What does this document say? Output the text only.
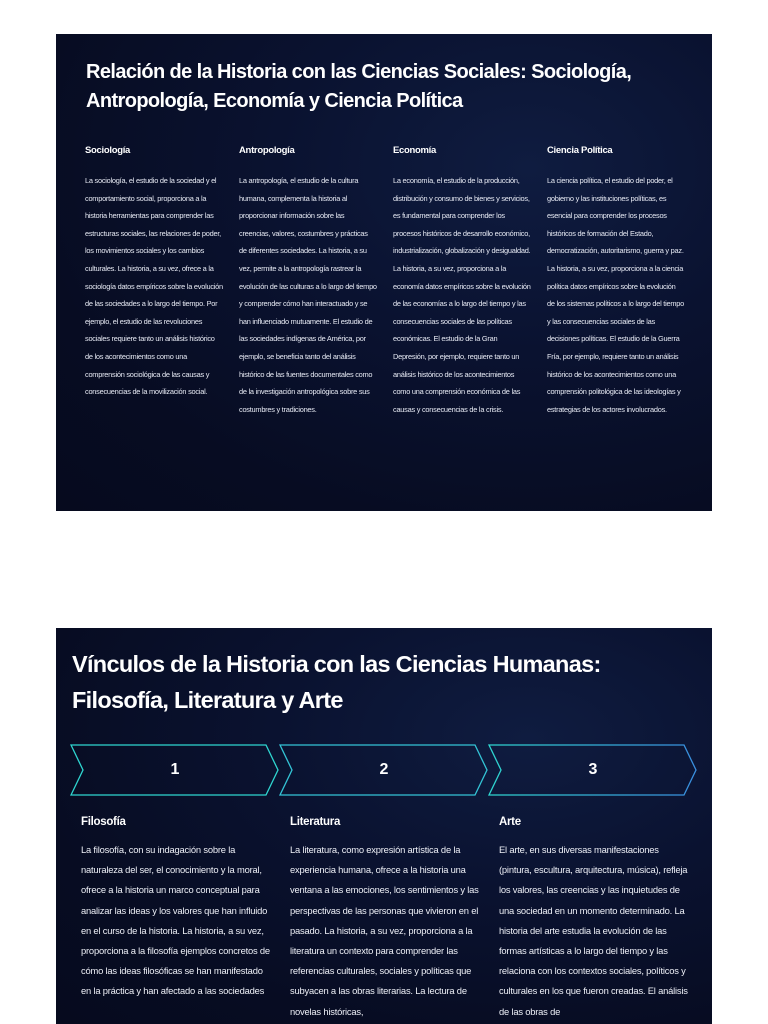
Relación de la Historia con las Ciencias Sociales: Sociología, Antropología, Economía y Ciencia Política
Sociología

La sociología, el estudio de la sociedad y el comportamiento social, proporciona a la historia herramientas para comprender las estructuras sociales, las relaciones de poder, los movimientos sociales y los cambios culturales. La historia, a su vez, ofrece a la sociología datos empíricos sobre la evolución de las sociedades a lo largo del tiempo. Por ejemplo, el estudio de las revoluciones sociales requiere tanto un análisis histórico de los acontecimientos como una comprensión sociológica de las causas y consecuencias de la movilización social.

Antropología

La antropología, el estudio de la cultura humana, complementa la historia al proporcionar información sobre las creencias, valores, costumbres y prácticas de diferentes sociedades. La historia, a su vez, permite a la antropología rastrear la evolución de las culturas a lo largo del tiempo y comprender cómo han interactuado y se han influenciado mutuamente. El estudio de las sociedades indígenas de América, por ejemplo, se beneficia tanto del análisis histórico de las fuentes documentales como de la investigación antropológica sobre sus costumbres y tradiciones.

Economía

La economía, el estudio de la producción, distribución y consumo de bienes y servicios, es fundamental para comprender los procesos históricos de desarrollo económico, industrialización, globalización y desigualdad. La historia, a su vez, proporciona a la economía datos empíricos sobre la evolución de las economías a lo largo del tiempo y las consecuencias sociales de las políticas económicas. El estudio de la Gran Depresión, por ejemplo, requiere tanto un análisis histórico de los acontecimientos como una comprensión económica de las causas y consecuencias de la crisis.

Ciencia Política

La ciencia política, el estudio del poder, el gobierno y las instituciones políticas, es esencial para comprender los procesos históricos de formación del Estado, democratización, autoritarismo, guerra y paz. La historia, a su vez, proporciona a la ciencia política datos empíricos sobre la evolución de los sistemas políticos a lo largo del tiempo y las consecuencias sociales de las decisiones políticas. El estudio de la Guerra Fría, por ejemplo, requiere tanto un análisis histórico de los acontecimientos como una comprensión politológica de las ideologías y estrategias de los actores involucrados.

Vínculos de la Historia con las Ciencias Humanas: Filosofía, Literatura y Arte
1	2	3
Filosofía

La filosofía, con su indagación sobre la naturaleza del ser, el conocimiento y la moral, ofrece a la historia un marco conceptual para analizar las ideas y los valores que han influido en el curso de la historia. La historia, a su vez, proporciona a la filosofía ejemplos concretos de cómo las ideas filosóficas se han manifestado en la práctica y han afectado a las sociedades

Literatura

La literatura, como expresión artística de la experiencia humana, ofrece a la historia una ventana a las emociones, los sentimientos y las perspectivas de las personas que vivieron en el pasado. La historia, a su vez, proporciona a la literatura un contexto para comprender las referencias culturales, sociales y políticas que subyacen a las obras literarias. La lectura de novelas históricas,

Arte

El arte, en sus diversas manifestaciones (pintura, escultura, arquitectura, música), refleja los valores, las creencias y las inquietudes de una sociedad en un momento determinado. La historia del arte estudia la evolución de las formas artísticas a lo largo del tiempo y las relaciona con los contextos sociales, políticos y culturales en los que fueron creadas. El análisis de las obras de
